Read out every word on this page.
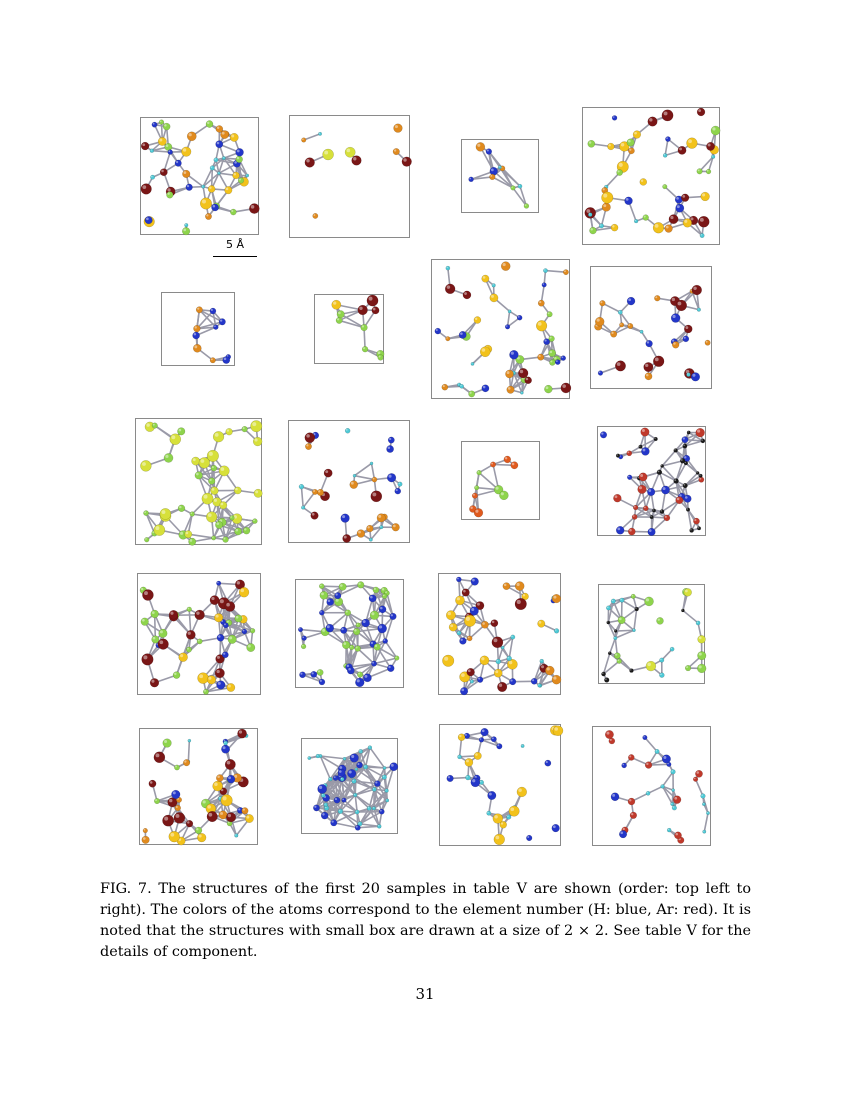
5 Å

FIG. 7. The structures of the first 20 samples in table V are shown (order: top left to right). The colors of the atoms correspond to the element number (H: blue, Ar: red). It is noted that the structures with small box are drawn at a size of 2 × 2. See table V for the details of component.

31
